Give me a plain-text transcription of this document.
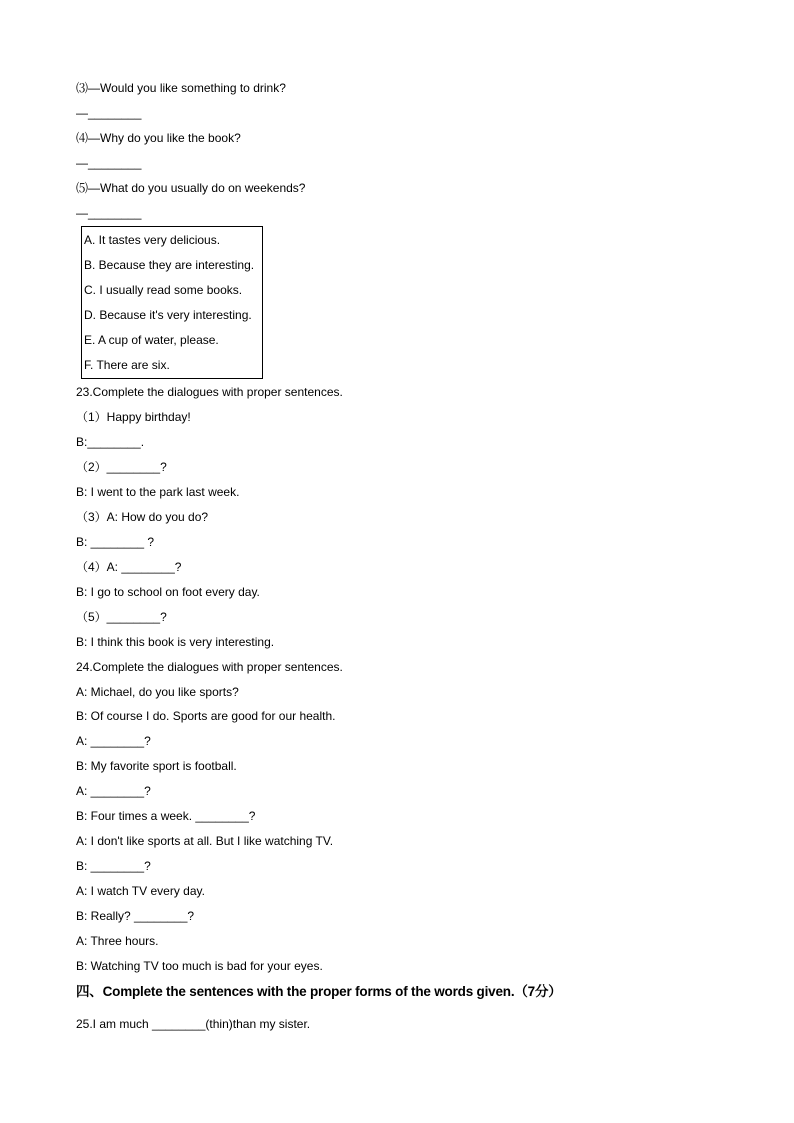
⑶—Would you like something to drink?
—________
⑷—Why do you like the book?
—________
⑸—What do you usually do on weekends?
—________
A. It tastes very delicious.
B. Because they are interesting.
C. I usually read some books.
D. Because it's very interesting.
E. A cup of water, please.
F. There are six.
23.Complete the dialogues with proper sentences.
（1）Happy birthday!
B:________.
（2）________?
B: I went to the park last week.
（3）A: How do you do?
B: ________ ?
（4）A: ________?
B: I go to school on foot every day.
（5）________?
B: I think this book is very interesting.
24.Complete the dialogues with proper sentences.
A: Michael, do you like sports?
B: Of course I do. Sports are good for our health.
A: ________?
B: My favorite sport is football.
A: ________?
B: Four times a week. ________?
A: I don't like sports at all. But I like watching TV.
B: ________?
A: I watch TV every day.
B: Really? ________?
A: Three hours.
B: Watching TV too much is bad for your eyes.
四、Complete the sentences with the proper forms of the words given.（7分）
25.I am much ________(thin)than my sister.
